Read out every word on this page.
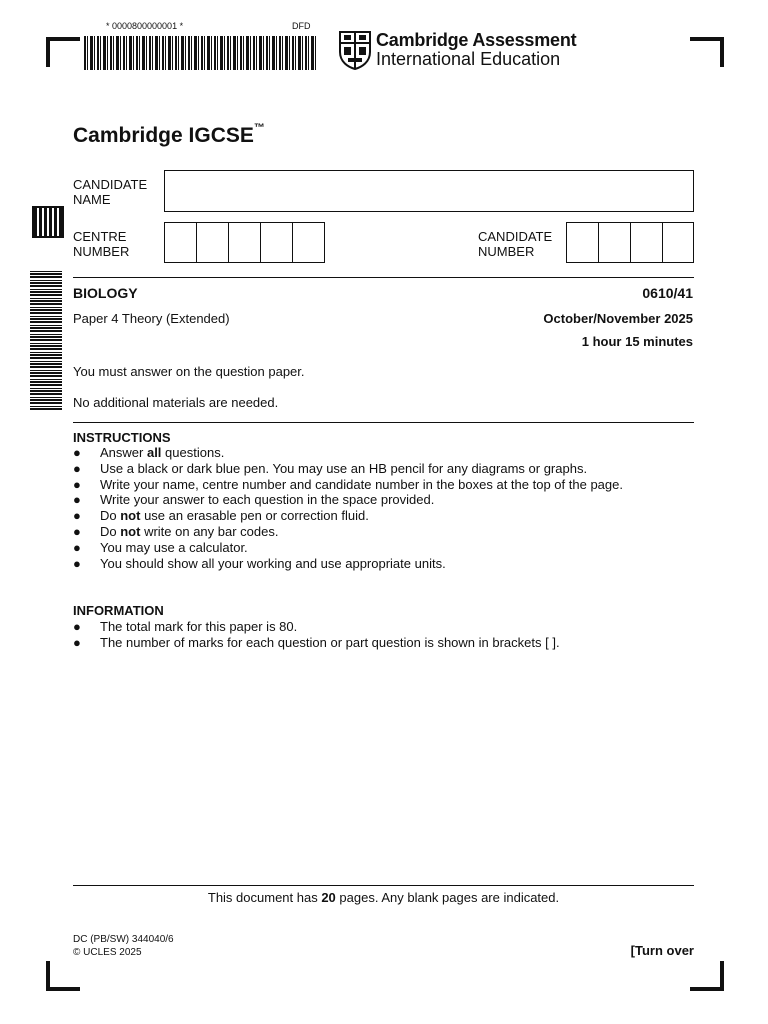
* 0000800000001 *	DFD
Cambridge Assessment
International Education
Cambridge IGCSE™
CANDIDATE
NAME
CENTRE
NUMBER
CANDIDATE
NUMBER
BIOLOGY	0610/41
Paper 4 Theory (Extended)	October/November 2025
1 hour 15 minutes
You must answer on the question paper.
No additional materials are needed.
INSTRUCTIONS
● Answer all questions.
● Use a black or dark blue pen. You may use an HB pencil for any diagrams or graphs.
● Write your name, centre number and candidate number in the boxes at the top of the page.
● Write your answer to each question in the space provided.
● Do not use an erasable pen or correction fluid.
● Do not write on any bar codes.
● You may use a calculator.
● You should show all your working and use appropriate units.
INFORMATION
● The total mark for this paper is 80.
● The number of marks for each question or part question is shown in brackets [ ].
This document has 20 pages. Any blank pages are indicated.
DC (PB/SW) 344040/6
© UCLES 2025	[Turn over
